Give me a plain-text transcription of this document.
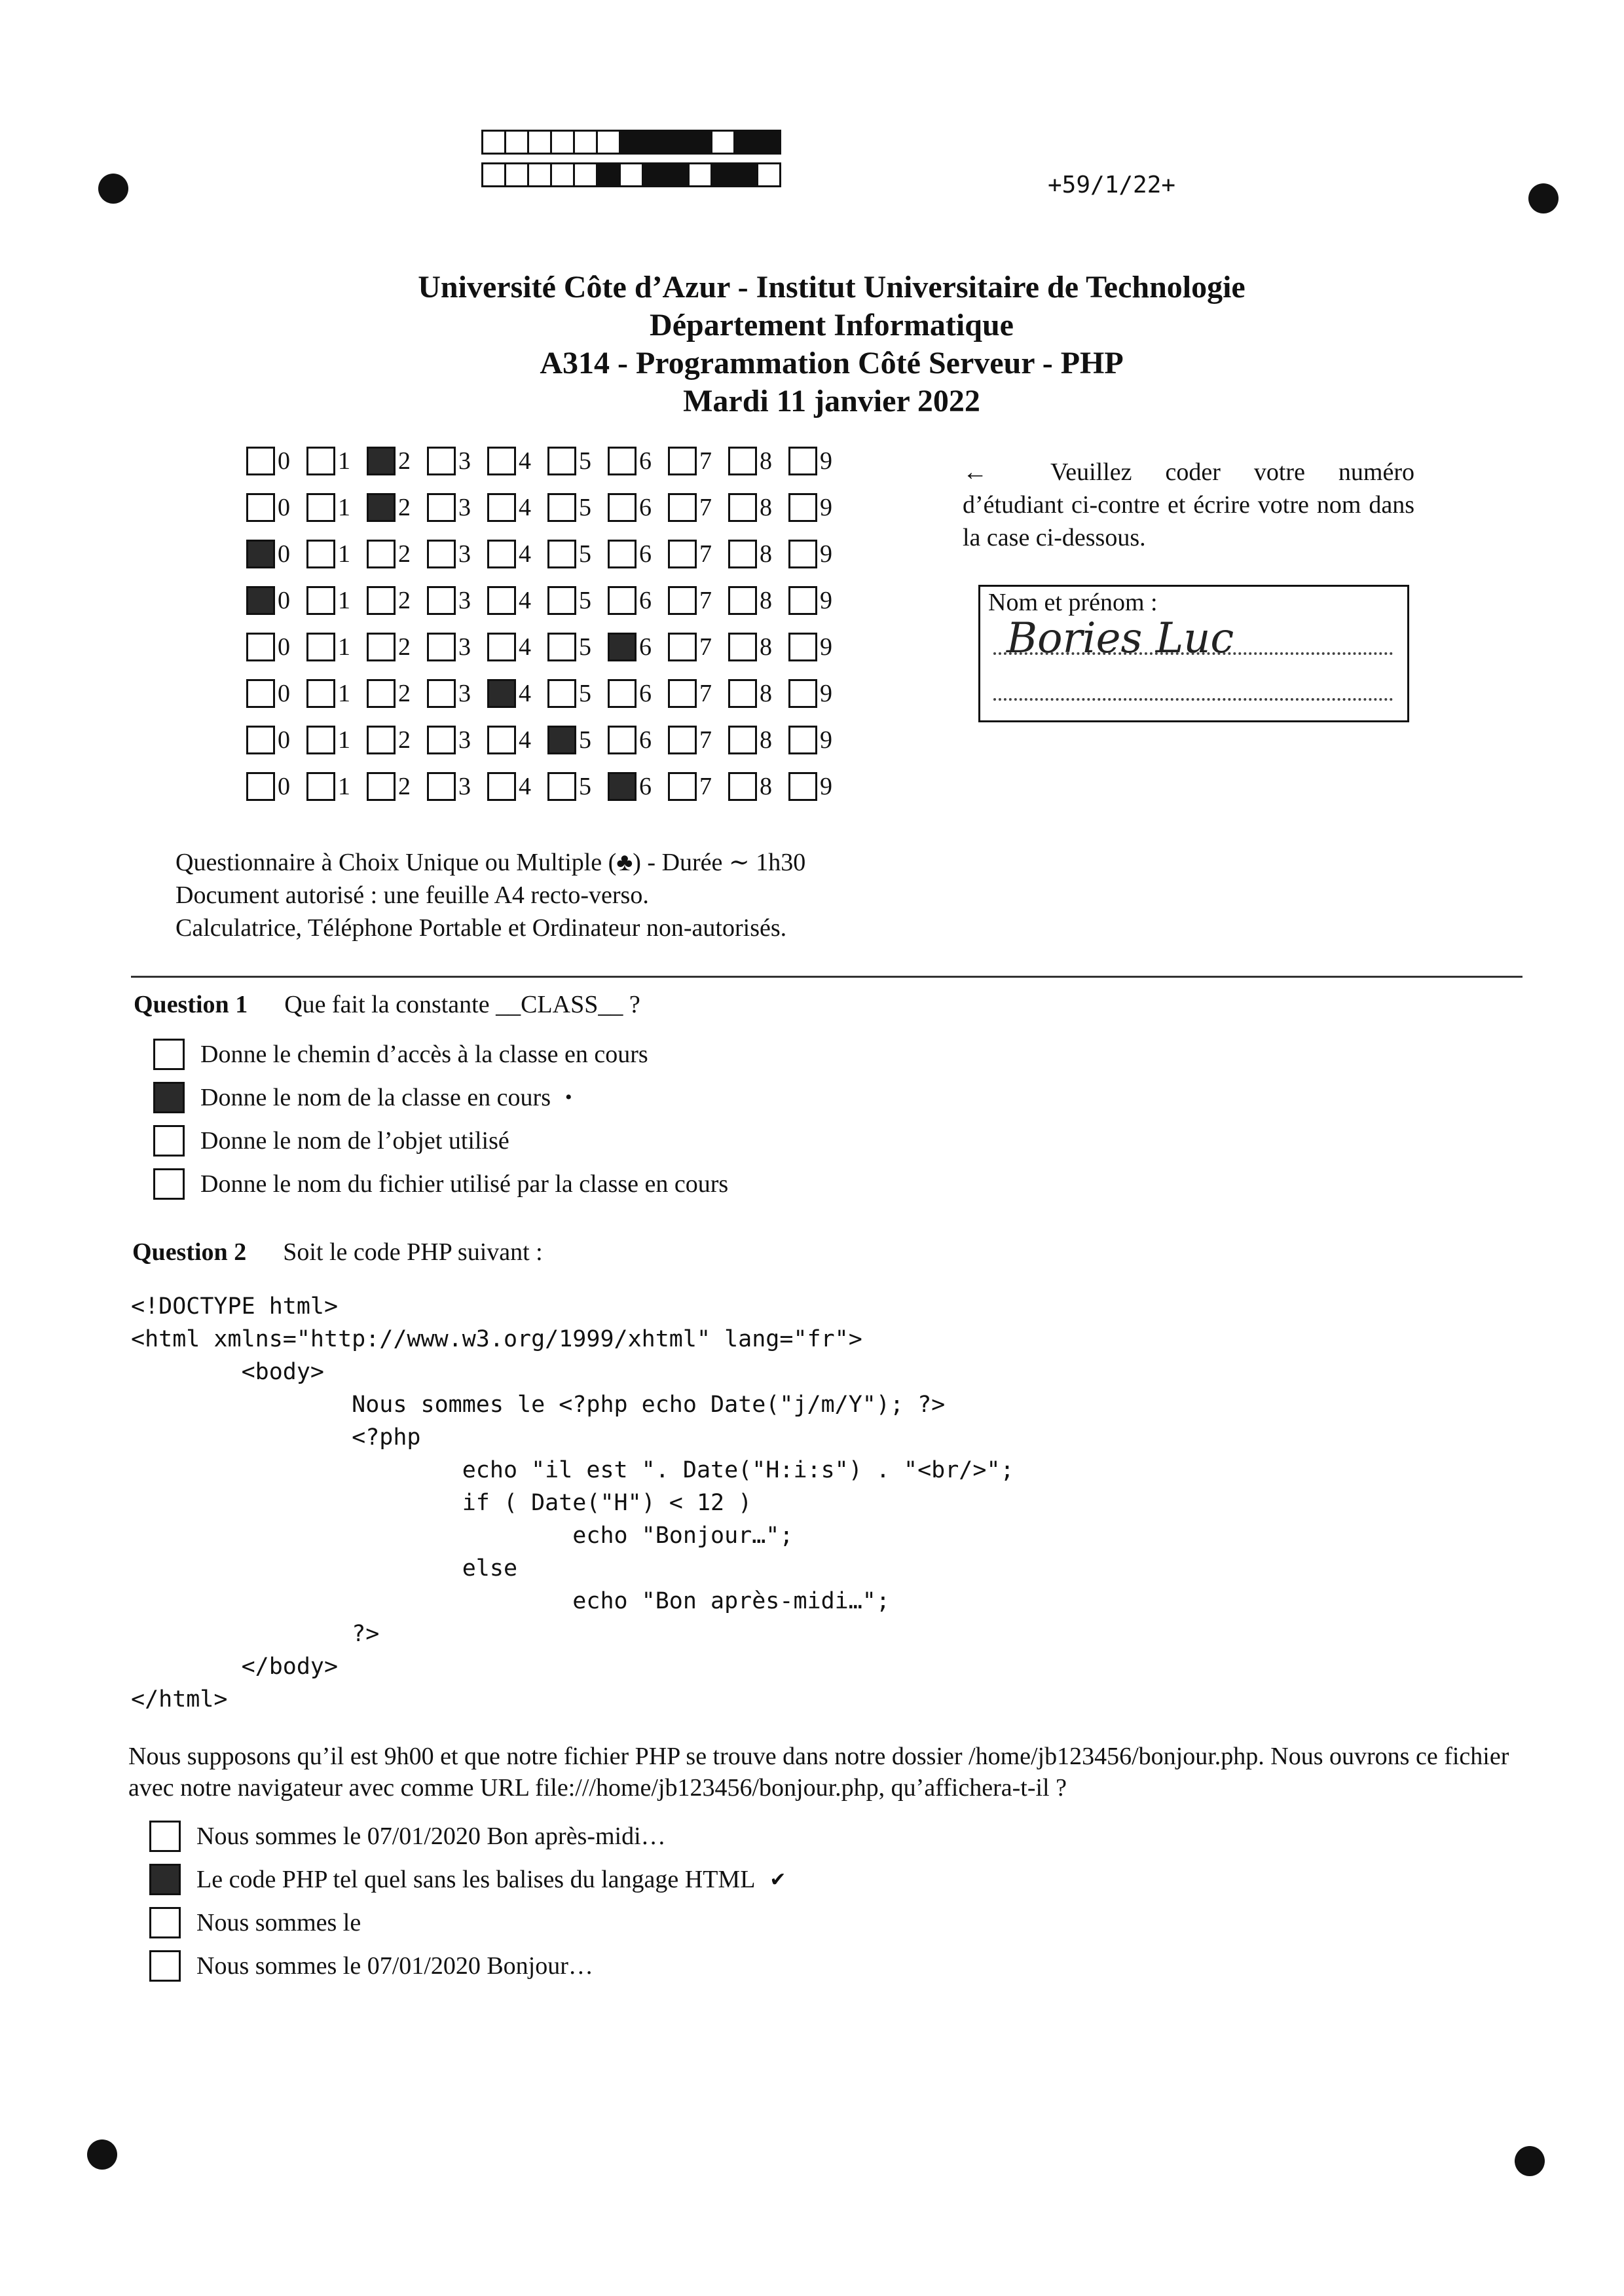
+59/1/22+
Université Côte d’Azur - Institut Universitaire de Technologie
Département Informatique
A314 - Programmation Côté Serveur - PHP
Mardi 11 janvier 2022
0 1 2 3 4 5 6 7 8 9
0 1 2 3 4 5 6 7 8 9
0 1 2 3 4 5 6 7 8 9
0 1 2 3 4 5 6 7 8 9
0 1 2 3 4 5 6 7 8 9
0 1 2 3 4 5 6 7 8 9
0 1 2 3 4 5 6 7 8 9
0 1 2 3 4 5 6 7 8 9
←	Veuillez coder votre numéro d’étudiant ci-contre et écrire votre nom dans la case ci-dessous.
Nom et prénom :
Bories Luc
Questionnaire à Choix Unique ou Multiple (♣) - Durée ∼ 1h30
Document autorisé : une feuille A4 recto-verso.
Calculatrice, Téléphone Portable et Ordinateur non-autorisés.
Question 1 Que fait la constante __CLASS__ ?
Donne le chemin d’accès à la classe en cours
Donne le nom de la classe en cours •
Donne le nom de l’objet utilisé
Donne le nom du fichier utilisé par la classe en cours
Question 2 Soit le code PHP suivant :
<!DOCTYPE html>
<html xmlns="http://www.w3.org/1999/xhtml" lang="fr">
<body>
Nous sommes le <?php echo Date("j/m/Y"); ?>
<?php
echo "il est ". Date("H:i:s") . "<br/>";
if ( Date("H") < 12 )
echo "Bonjour…";
else
echo "Bon après-midi…";
?>
</body>
</html>
Nous supposons qu’il est 9h00 et que notre fichier PHP se trouve dans notre dossier /home/jb123456/bonjour.php. Nous ouvrons ce fichier avec notre navigateur avec comme URL file:///home/jb123456/bonjour.php, qu’affichera-t-il ?
Nous sommes le 07/01/2020 Bon après-midi…
Le code PHP tel quel sans les balises du langage HTML ✔
Nous sommes le
Nous sommes le 07/01/2020 Bonjour…
